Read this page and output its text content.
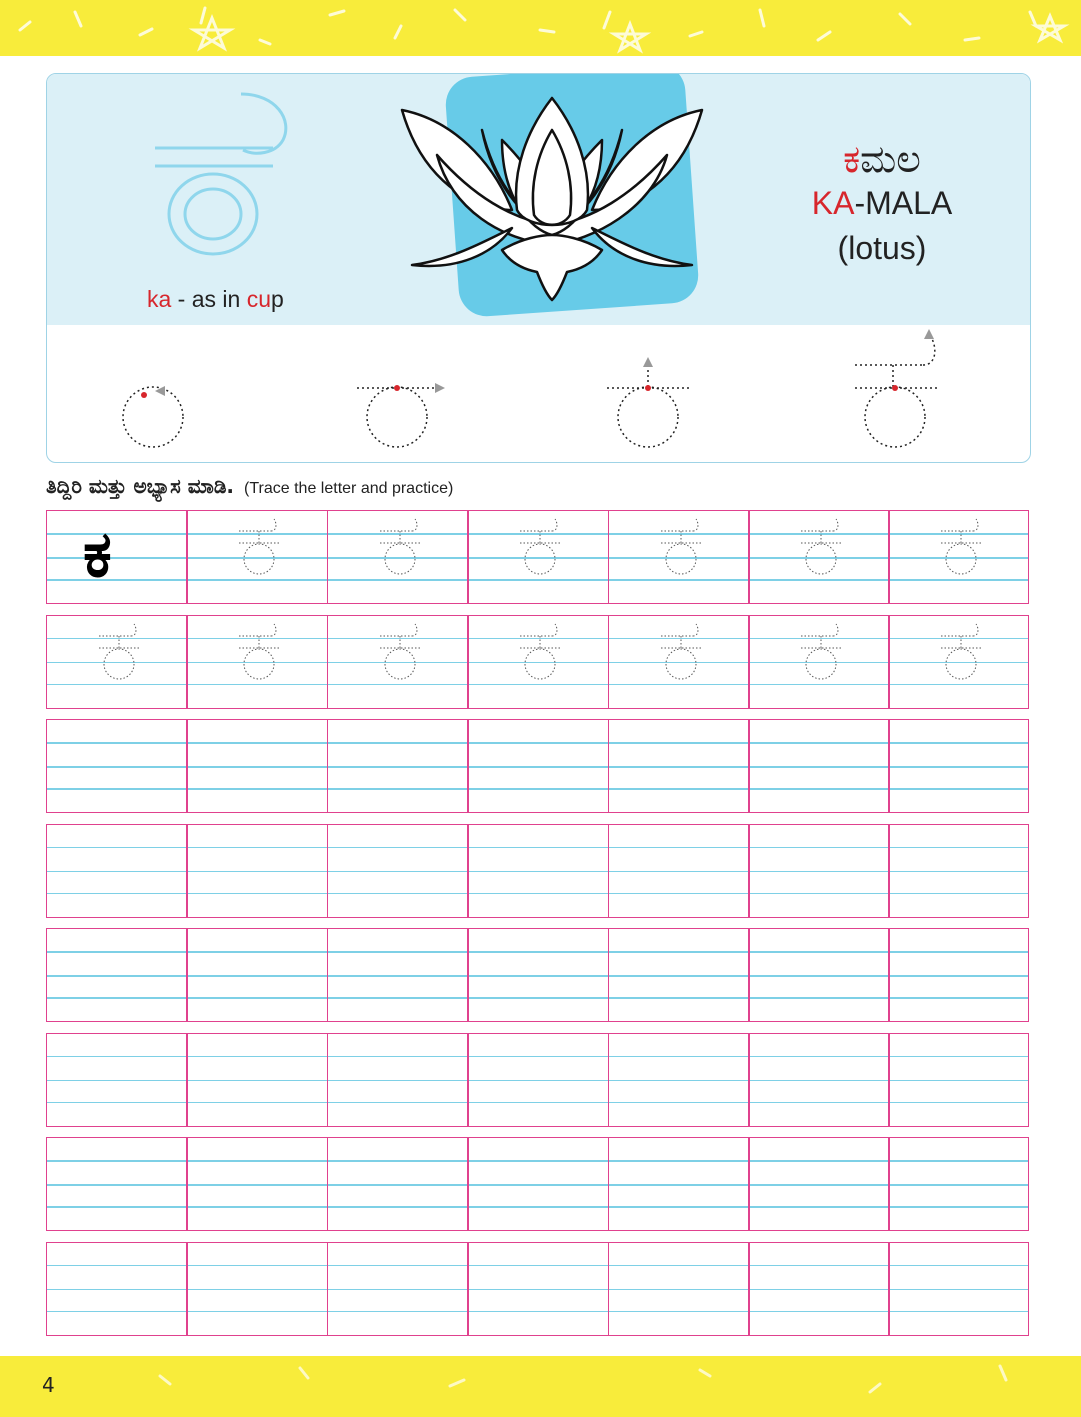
ka - as in cup
ಕಮಲ
KA-MALA
(lotus)
ತಿದ್ದಿರಿ ಮತ್ತು ಅಭ್ಯಾಸ ಮಾಡಿ. (Trace the letter and practice)
ಕ
4
